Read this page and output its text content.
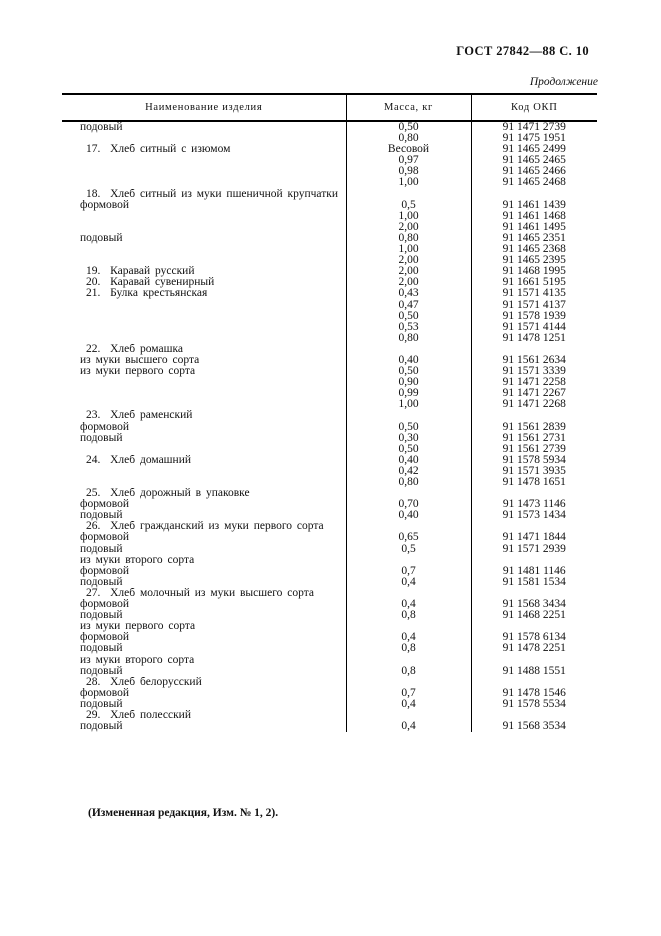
ГОСТ 27842—88 С. 10
Продолжение
Наименование изделия	Масса, кг	Код ОКП
подовый	0,50	91 1471 2739
	0,80	91 1475 1951
17.  Хлеб ситный с изюмом	Весовой	91 1465 2499
	0,97	91 1465 2465
	0,98	91 1465 2466
	1,00	91 1465 2468
18.  Хлеб ситный из муки пшеничной крупчатки		
формовой	0,5	91 1461 1439
	1,00	91 1461 1468
	2,00	91 1461 1495
подовый	0,80	91 1465 2351
	1,00	91 1465 2368
	2,00	91 1465 2395
19.  Каравай русский	2,00	91 1468 1995
20.  Каравай сувенирный	2,00	91 1661 5195
21.  Булка крестьянская	0,43	91 1571 4135
	0,47	91 1571 4137
	0,50	91 1578 1939
	0,53	91 1571 4144
	0,80	91 1478 1251
22.  Хлеб ромашка		
из муки высшего сорта	0,40	91 1561 2634
из муки первого сорта	0,50	91 1571 3339
	0,90	91 1471 2258
	0,99	91 1471 2267
	1,00	91 1471 2268
23.  Хлеб раменский		
формовой	0,50	91 1561 2839
подовый	0,30	91 1561 2731
	0,50	91 1561 2739
24.  Хлеб домашний	0,40	91 1578 5934
	0,42	91 1571 3935
	0,80	91 1478 1651
25.  Хлеб дорожный в упаковке		
формовой	0,70	91 1473 1146
подовый	0,40	91 1573 1434
26.  Хлеб гражданский из муки первого сорта		
формовой	0,65	91 1471 1844
подовый	0,5	91 1571 2939
из муки второго сорта		
формовой	0,7	91 1481 1146
подовый	0,4	91 1581 1534
27.  Хлеб молочный из муки высшего сорта		
формовой	0,4	91 1568 3434
подовый	0,8	91 1468 2251
из муки первого сорта		
формовой	0,4	91 1578 6134
подовый	0,8	91 1478 2251
из муки второго сорта		
подовый	0,8	91 1488 1551
28.  Хлеб белорусский		
формовой	0,7	91 1478 1546
подовый	0,4	91 1578 5534
29.  Хлеб полесский		
подовый	0,4	91 1568 3534
(Измененная редакция, Изм. № 1, 2).
